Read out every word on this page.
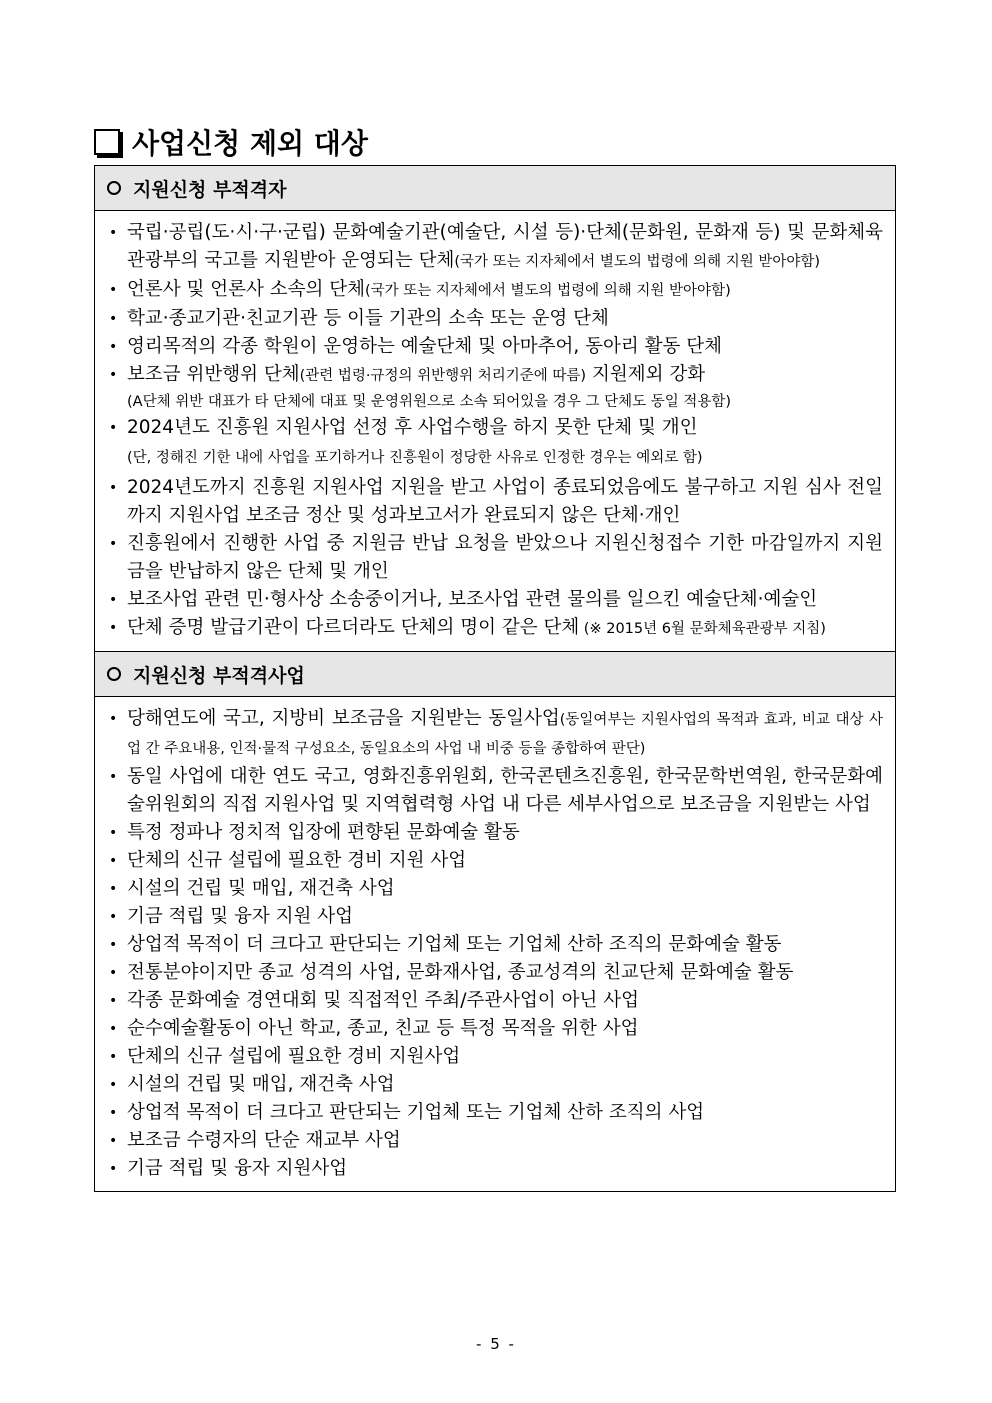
사업신청 제외 대상
지원신청 부적격자
• 국립·공립(도·시·구·군립) 문화예술기관(예술단, 시설 등)·단체(문화원, 문화재 등) 및 문화체육관광부의 국고를 지원받아 운영되는 단체(국가 또는 지자체에서 별도의 법령에 의해 지원 받아야함)
• 언론사 및 언론사 소속의 단체(국가 또는 지자체에서 별도의 법령에 의해 지원 받아야함)
• 학교·종교기관·친교기관 등 이들 기관의 소속 또는 운영 단체
• 영리목적의 각종 학원이 운영하는 예술단체 및 아마추어, 동아리 활동 단체
• 보조금 위반행위 단체(관련 법령·규정의 위반행위 처리기준에 따름) 지원제외 강화
(A단체 위반 대표가 타 단체에 대표 및 운영위원으로 소속 되어있을 경우 그 단체도 동일 적용함)
• 2024년도 진흥원 지원사업 선정 후 사업수행을 하지 못한 단체 및 개인
(단, 정해진 기한 내에 사업을 포기하거나 진흥원이 정당한 사유로 인정한 경우는 예외로 함)
• 2024년도까지 진흥원 지원사업 지원을 받고 사업이 종료되었음에도 불구하고 지원 심사 전일까지 지원사업 보조금 정산 및 성과보고서가 완료되지 않은 단체·개인
• 진흥원에서 진행한 사업 중 지원금 반납 요청을 받았으나 지원신청접수 기한 마감일까지 지원금을 반납하지 않은 단체 및 개인
• 보조사업 관련 민·형사상 소송중이거나, 보조사업 관련 물의를 일으킨 예술단체·예술인
• 단체 증명 발급기관이 다르더라도 단체의 명이 같은 단체 (※ 2015년 6월 문화체육관광부 지침)
지원신청 부적격사업
• 당해연도에 국고, 지방비 보조금을 지원받는 동일사업(동일여부는 지원사업의 목적과 효과, 비교 대상 사업 간 주요내용, 인적·물적 구성요소, 동일요소의 사업 내 비중 등을 종합하여 판단)
• 동일 사업에 대한 연도 국고, 영화진흥위원회, 한국콘텐츠진흥원, 한국문학번역원, 한국문화예술위원회의 직접 지원사업 및 지역협력형 사업 내 다른 세부사업으로 보조금을 지원받는 사업
• 특정 정파나 정치적 입장에 편향된 문화예술 활동
• 단체의 신규 설립에 필요한 경비 지원 사업
• 시설의 건립 및 매입, 재건축 사업
• 기금 적립 및 융자 지원 사업
• 상업적 목적이 더 크다고 판단되는 기업체 또는 기업체 산하 조직의 문화예술 활동
• 전통분야이지만 종교 성격의 사업, 문화재사업, 종교성격의 친교단체 문화예술 활동
• 각종 문화예술 경연대회 및 직접적인 주최/주관사업이 아닌 사업
• 순수예술활동이 아닌 학교, 종교, 친교 등 특정 목적을 위한 사업
• 단체의 신규 설립에 필요한 경비 지원사업
• 시설의 건립 및 매입, 재건축 사업
• 상업적 목적이 더 크다고 판단되는 기업체 또는 기업체 산하 조직의 사업
• 보조금 수령자의 단순 재교부 사업
• 기금 적립 및 융자 지원사업
- 5 -
